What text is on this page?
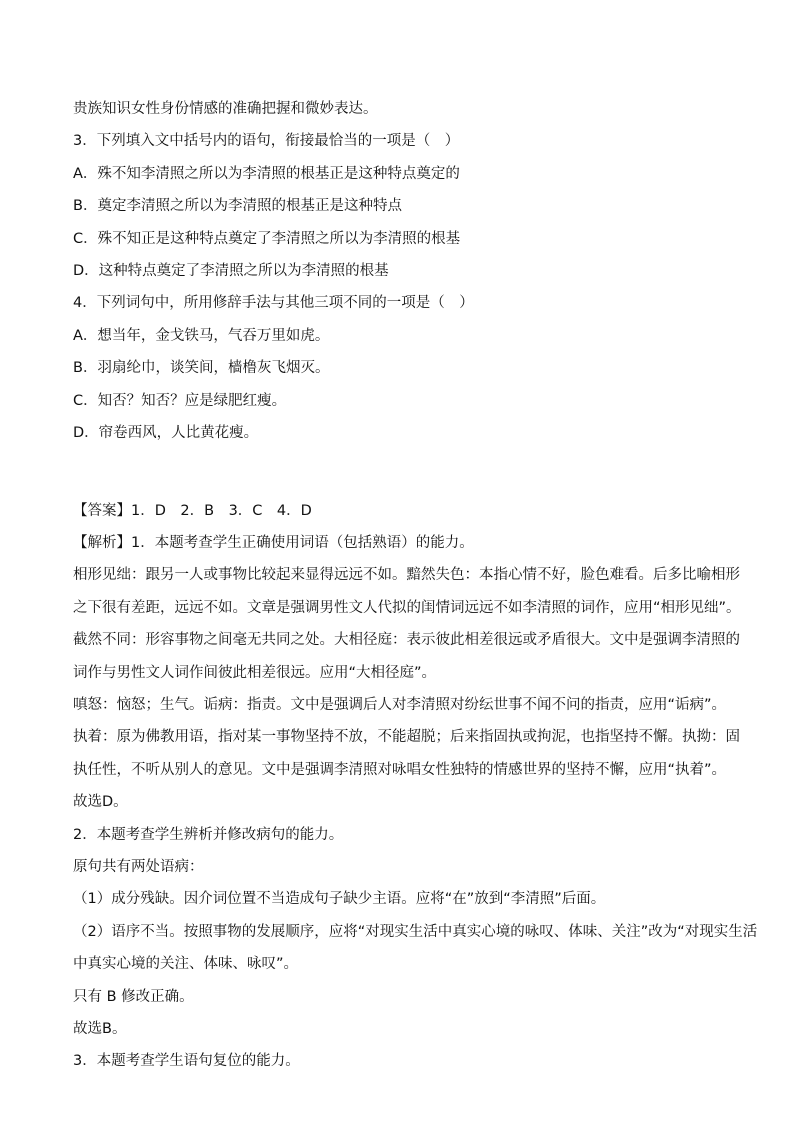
贵族知识女性身份情感的准确把握和微妙表达。
3．下列填入文中括号内的语句，衔接最恰当的一项是（　）
A．殊不知李清照之所以为李清照的根基正是这种特点奠定的
B．奠定李清照之所以为李清照的根基正是这种特点
C．殊不知正是这种特点奠定了李清照之所以为李清照的根基
D．这种特点奠定了李清照之所以为李清照的根基
4．下列词句中，所用修辞手法与其他三项不同的一项是（　）
A．想当年，金戈铁马，气吞万里如虎。
B．羽扇纶巾，谈笑间，樯橹灰飞烟灭。
C．知否？知否？应是绿肥红瘦。
D．帘卷西风，人比黄花瘦。
【答案】1．D　2．B　3．C　4．D
【解析】1．本题考查学生正确使用词语（包括熟语）的能力。
相形见绌：跟另一人或事物比较起来显得远远不如。黯然失色：本指心情不好，脸色难看。后多比喻相形
之下很有差距，远远不如。文章是强调男性文人代拟的闺情词远远不如李清照的词作，应用“相形见绌”。
截然不同：形容事物之间毫无共同之处。大相径庭：表示彼此相差很远或矛盾很大。文中是强调李清照的
词作与男性文人词作间彼此相差很远。应用“大相径庭”。
嗔怒：恼怒；生气。诟病：指责。文中是强调后人对李清照对纷纭世事不闻不问的指责，应用“诟病”。
执着：原为佛教用语，指对某一事物坚持不放，不能超脱；后来指固执或拘泥，也指坚持不懈。执拗：固
执任性，不听从别人的意见。文中是强调李清照对咏唱女性独特的情感世界的坚持不懈，应用“执着”。
故选D。
2．本题考查学生辨析并修改病句的能力。
原句共有两处语病：
（1）成分残缺。因介词位置不当造成句子缺少主语。应将“在”放到“李清照”后面。
（2）语序不当。按照事物的发展顺序，应将“对现实生活中真实心境的咏叹、体味、关注”改为“对现实生活
中真实心境的关注、体味、咏叹”。
只有 B 修改正确。
故选B。
3．本题考查学生语句复位的能力。
